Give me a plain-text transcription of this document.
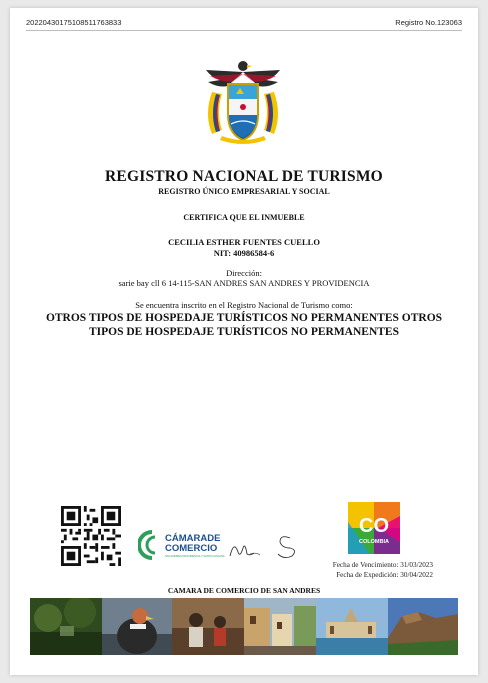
20220430175108511763833	Registro No.123063
REGISTRO NACIONAL DE TURISMO
REGISTRO ÚNICO EMPRESARIAL Y SOCIAL
CERTIFICA QUE EL INMUEBLE
CECILIA ESTHER FUENTES CUELLO
NIT: 40986584-6
Dirección:
sarie bay cll 6 14-115-SAN ANDRES SAN ANDRES Y PROVIDENCIA
Se encuentra inscrito en el Registro Nacional de Turismo como:
OTROS TIPOS DE HOSPEDAJE TURÍSTICOS NO PERMANENTES OTROS TIPOS DE HOSPEDAJE TURÍSTICOS NO PERMANENTES
CÁMARADE
COMERCIO
SAN ANDRES PROVIDENCIA Y SANTA CATALINA
CO
COLOMBIA
Fecha de Vencimiento: 31/03/2023
Fecha de Expedición: 30/04/2022
CAMARA DE COMERCIO DE SAN ANDRES
